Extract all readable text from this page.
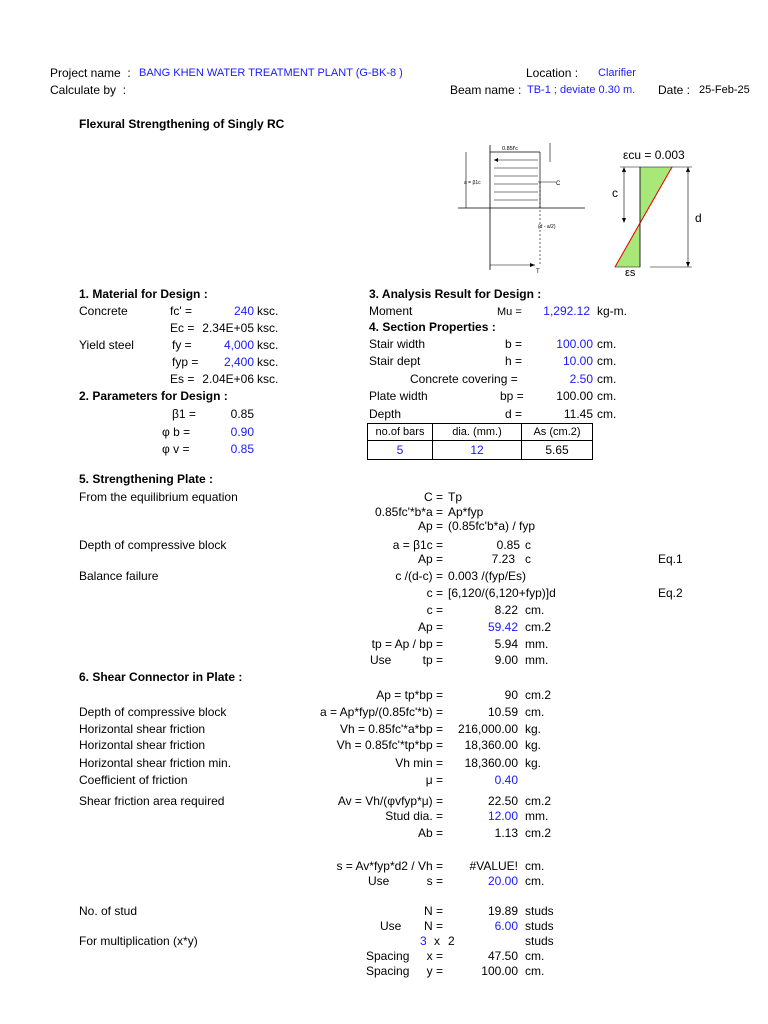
Project name  : BANG KHEN WATER TREATMENT PLANT (G-BK-8 )
Calculate by  :
Location : Clarifier
Beam name : TB-1 ; deviate 0.30 m. Date : 25-Feb-25
Flexural Strengthening of Singly RC
0.85f'c
a = β1c	C
T
(d - a/2)
εcu = 0.003
c
d
εs
1. Material for Design :
Concrete	fc' =	240 ksc.
Ec = 2.34E+05 ksc.
Yield steel	fy =	4,000 ksc.
fyp =	2,400 ksc.
Es = 2.04E+06 ksc.
2. Parameters for Design :
β1 =	0.85
φ b =	0.90
φ v =	0.85
3. Analysis Result for Design :
Moment	Mu =	1,292.12 kg-m.
4. Section Properties :
Stair width	b =	100.00 cm.
Stair dept	h =	10.00 cm.
Concrete covering =	2.50 cm.
Plate width	bp =	100.00 cm.
Depth	d =	11.45 cm.
no.of bars	dia. (mm.)	As (cm.2)
5	12	5.65
5. Strengthening Plate :
From the equilibrium equation	C = Tp
0.85fc'*b*a = Ap*fyp
Ap = (0.85fc'b*a) / fyp
Depth of compressive block	a = β1c =	0.85 c
Ap =	7.23 c	Eq.1
Balance failure	c /(d-c) = 0.003 /(fyp/Es)
c = [6,120/(6,120+fyp)]d	Eq.2
c =	8.22 cm.
Ap =	59.42 cm.2
tp = Ap / bp =	5.94 mm.
Use	tp =	9.00 mm.
6. Shear Connector in Plate :
Ap = tp*bp =	90 cm.2
Depth of compressive block	a = Ap*fyp/(0.85fc'*b) =	10.59 cm.
Horizontal shear friction	Vh = 0.85fc'*a*bp =	216,000.00 kg.
Horizontal shear friction	Vh = 0.85fc'*tp*bp =	18,360.00 kg.
Horizontal shear friction min.	Vh min =	18,360.00 kg.
Coefficient of friction	μ =	0.40
Shear friction area required	Av = Vh/(φvfyp*μ) =	22.50 cm.2
Stud dia. =	12.00 mm.
Ab =	1.13 cm.2
s = Av*fyp*d2 / Vh =	#VALUE! cm.
Use	s =	20.00 cm.
No. of stud	N =	19.89 studs
Use	N =	6.00 studs
For multiplication (x*y)	3 x 2	studs
Spacing	x =	47.50 cm.
Spacing	y =	100.00 cm.
